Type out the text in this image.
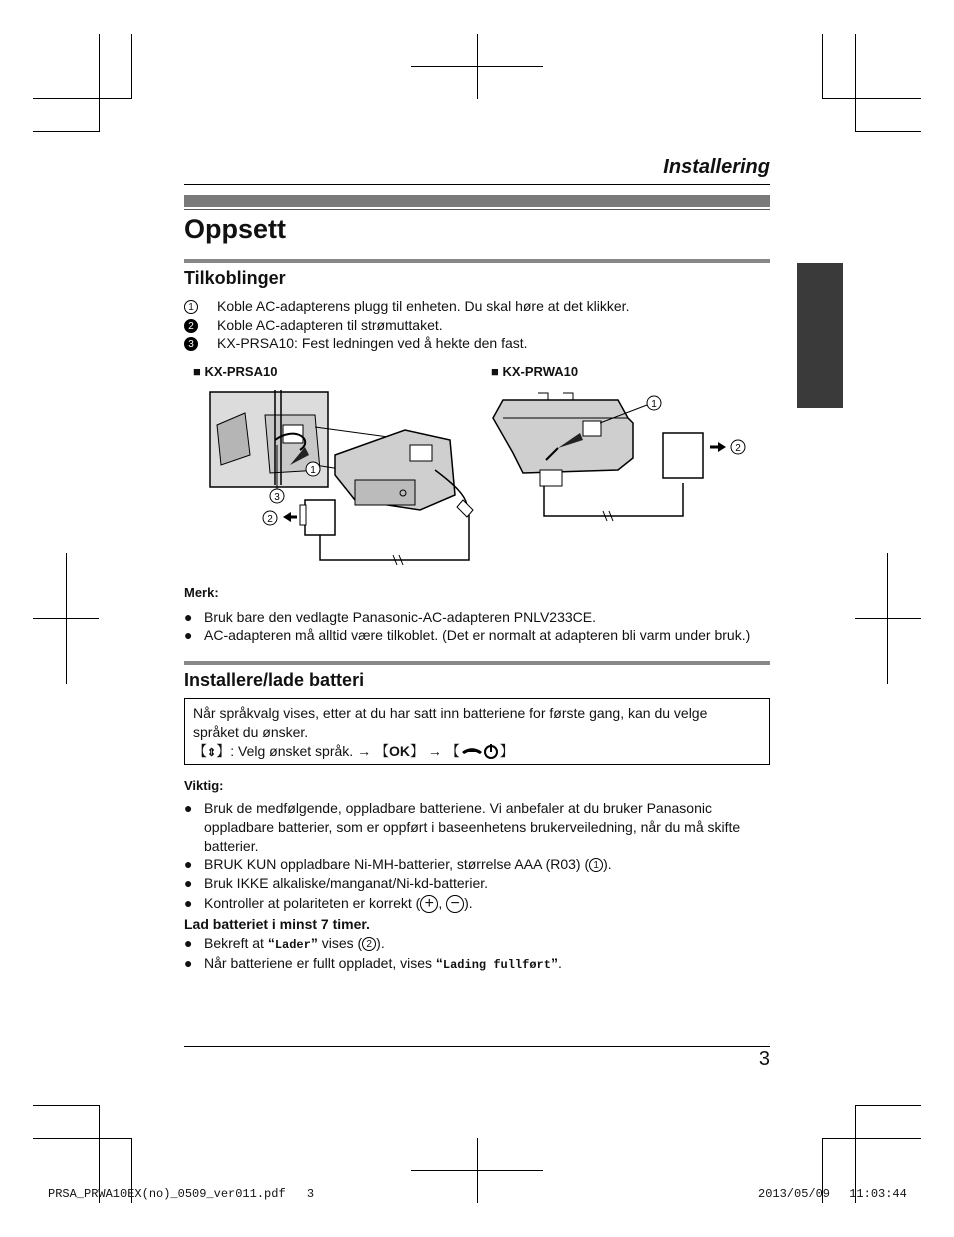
Installering
Oppsett
Tilkoblinger
1	Koble AC-adapterens plugg til enheten. Du skal høre at det klikker.
2	Koble AC-adapteren til strømuttaket.
3	KX-PRSA10: Fest ledningen ved å hekte den fast.
■ KX-PRSA10	■ KX-PRWA10
2
3
1
2
1
Merk:
● Bruk bare den vedlagte Panasonic-AC-adapteren PNLV233CE.
● AC-adapteren må alltid være tilkoblet. (Det er normalt at adapteren bli varm under bruk.)
Installere/lade batteri
Når språkvalg vises, etter at du har satt inn batteriene for første gang, kan du velge språket du ønsker.
【⇕】: Velg ønsket språk. → 【OK】 → 【	】
Viktig:
● Bruk de medfølgende, oppladbare batteriene. Vi anbefaler at du bruker Panasonic oppladbare batterier, som er oppført i baseenhetens brukerveiledning, når du må skifte batterier.
● BRUK KUN oppladbare Ni-MH-batterier, størrelse AAA (R03) ( 1 ).
● Bruk IKKE alkaliske/manganat/Ni-kd-batterier.
● Kontroller at polariteten er korrekt ( + , − ).
Lad batteriet i minst 7 timer.
● Bekreft at “Lader” vises ( 2 ).
● Når batteriene er fullt oppladet, vises “Lading fullført”.
3
PRSA_PRWA10EX(no)_0509_ver011.pdf 3	2013/05/09 11:03:44
